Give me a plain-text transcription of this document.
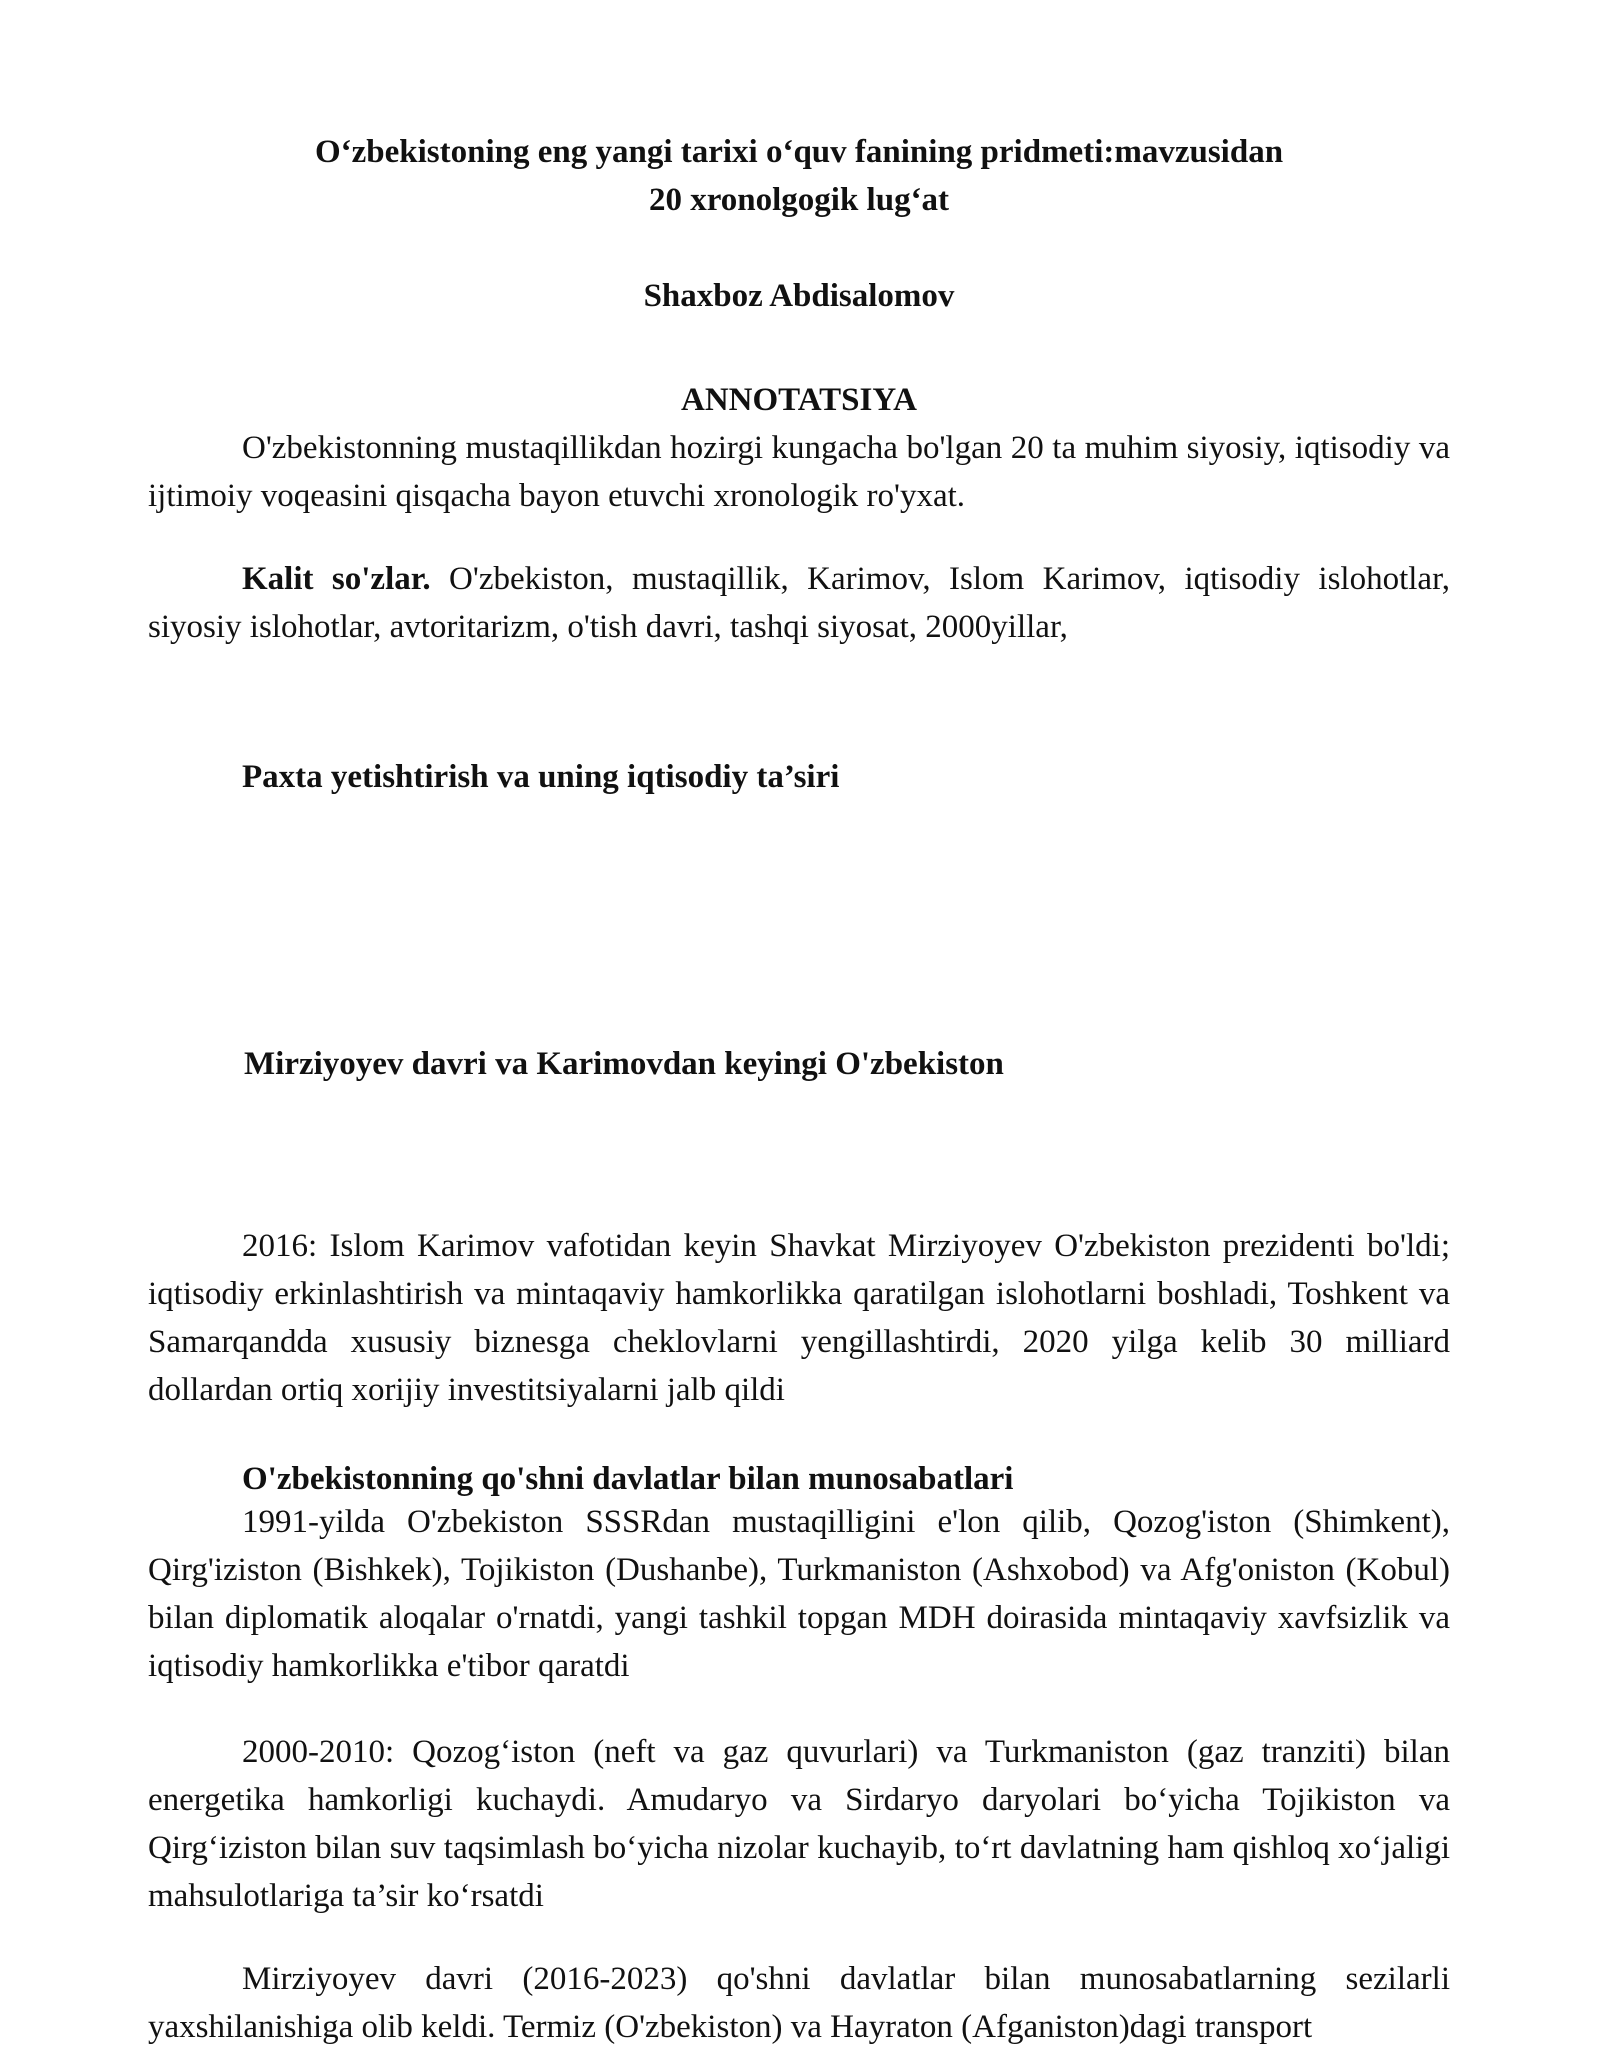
O‘zbekistoning eng yangi tarixi o‘quv fanining pridmeti:mavzusidan 20 xronolgogik lug‘at
Shaxboz Abdisalomov
ANNOTATSIYA

O'zbekistonning mustaqillikdan hozirgi kungacha bo'lgan 20 ta muhim siyosiy, iqtisodiy va ijtimoiy voqeasini qisqacha bayon etuvchi xronologik ro'yxat.

Kalit so'zlar. O'zbekiston, mustaqillik, Karimov, Islom Karimov, iqtisodiy islohotlar, siyosiy islohotlar, avtoritarizm, o'tish davri, tashqi siyosat, 2000yillar,

Paxta yetishtirish va uning iqtisodiy ta’siri
Mirziyoyev davri va Karimovdan keyingi O'zbekiston

2016: Islom Karimov vafotidan keyin Shavkat Mirziyoyev O'zbekiston prezidenti bo'ldi; iqtisodiy erkinlashtirish va mintaqaviy hamkorlikka qaratilgan islohotlarni boshladi, Toshkent va Samarqandda xususiy biznesga cheklovlarni yengillashtirdi, 2020 yilga kelib 30 milliard dollardan ortiq xorijiy investitsiyalarni jalb qildi

O'zbekistonning qo'shni davlatlar bilan munosabatlari

1991-yilda O'zbekiston SSSRdan mustaqilligini e'lon qilib, Qozog'iston (Shimkent), Qirg'iziston (Bishkek), Tojikiston (Dushanbe), Turkmaniston (Ashxobod) va Afg'oniston (Kobul) bilan diplomatik aloqalar o'rnatdi, yangi tashkil topgan MDH doirasida mintaqaviy xavfsizlik va iqtisodiy hamkorlikka e'tibor qaratdi

2000-2010: Qozog‘iston (neft va gaz quvurlari) va Turkmaniston (gaz tranziti) bilan energetika hamkorligi kuchaydi. Amudaryo va Sirdaryo daryolari bo‘yicha Tojikiston va Qirg‘iziston bilan suv taqsimlash bo‘yicha nizolar kuchayib, to‘rt davlatning ham qishloq xo‘jaligi mahsulotlariga ta’sir ko‘rsatdi

Mirziyoyev davri (2016-2023) qo'shni davlatlar bilan munosabatlarning sezilarli yaxshilanishiga olib keldi. Termiz (O'zbekiston) va Hayraton (Afganiston)dagi transport
